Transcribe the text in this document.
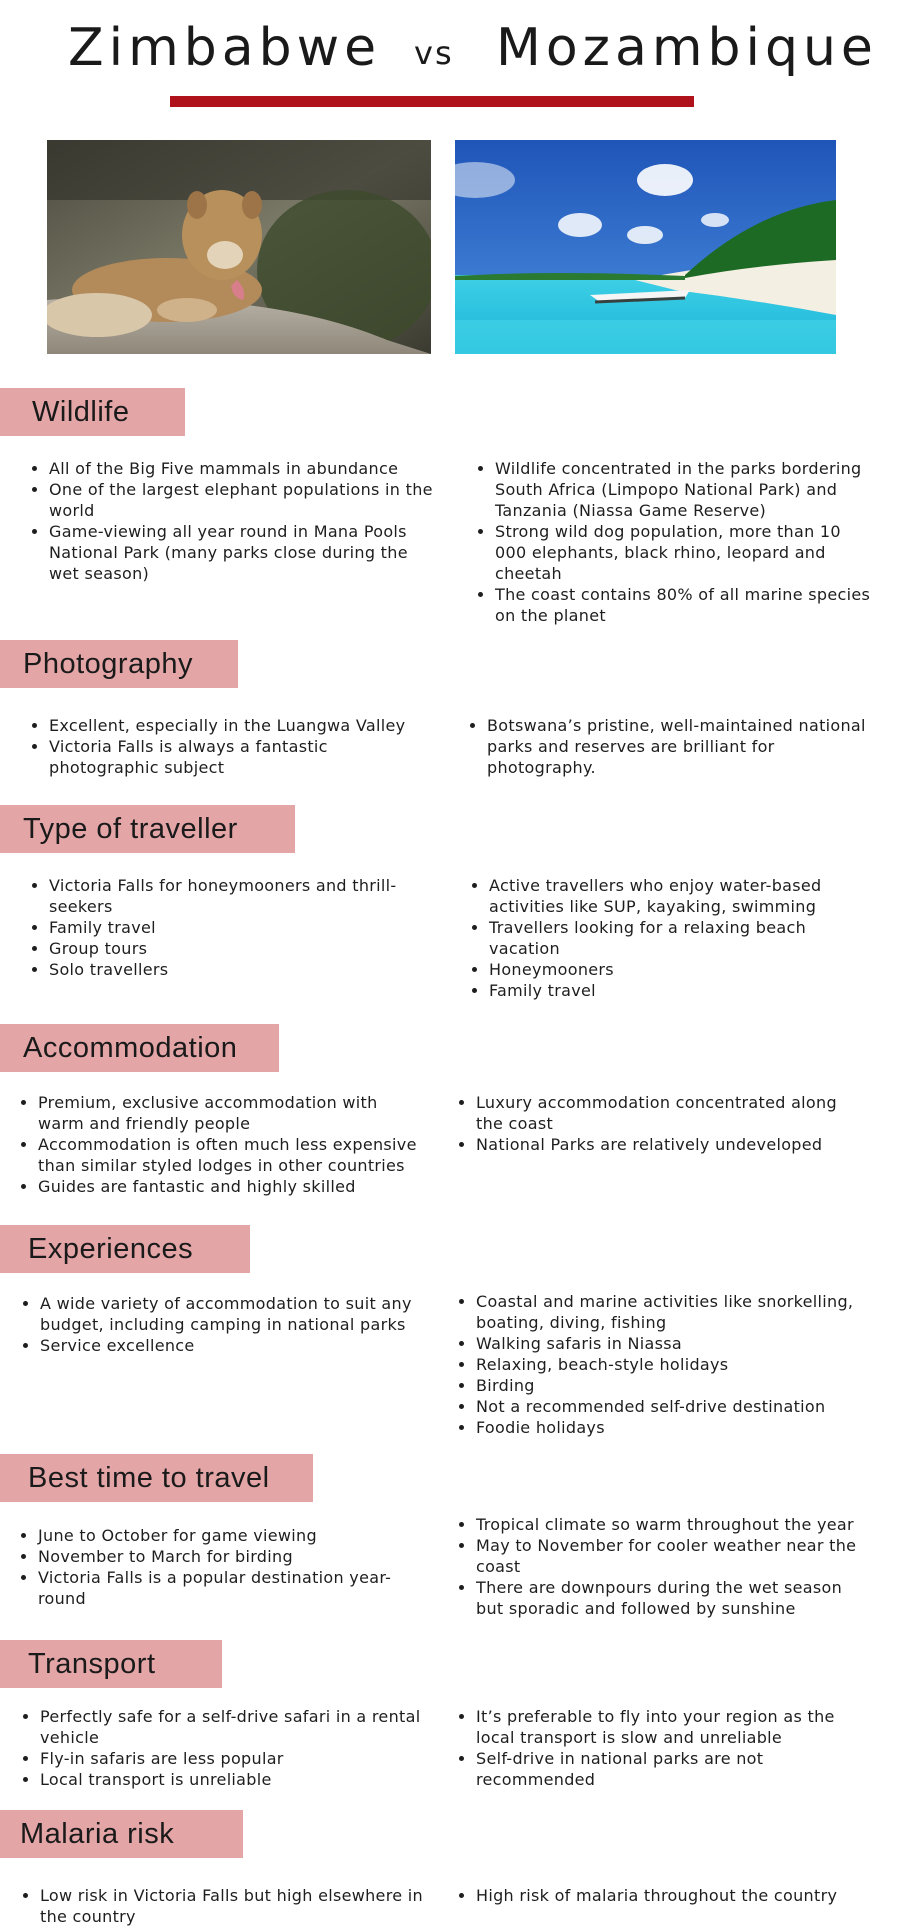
Zimbabwe vs Mozambique
Wildlife
• All of the Big Five mammals in abundance
• One of the largest elephant populations in the world
• Game-viewing all year round in Mana Pools National Park (many parks close during the wet season)
• Wildlife concentrated in the parks bordering South Africa (Limpopo National Park) and Tanzania (Niassa Game Reserve)
• Strong wild dog population, more than 10 000 elephants, black rhino, leopard and cheetah
• The coast contains 80% of all marine species on the planet
Photography
• Excellent, especially in the Luangwa Valley
• Victoria Falls is always a fantastic photographic subject
• Botswana’s pristine, well-maintained national parks and reserves are brilliant for photography.
Type of traveller
• Victoria Falls for honeymooners and thrill-seekers
• Family travel
• Group tours
• Solo travellers
• Active travellers who enjoy water-based activities like SUP, kayaking, swimming
• Travellers looking for a relaxing beach vacation
• Honeymooners
• Family travel
Accommodation
• Premium, exclusive accommodation with warm and friendly people
• Accommodation is often much less expensive than similar styled lodges in other countries
• Guides are fantastic and highly skilled
• Luxury accommodation concentrated along the coast
• National Parks are relatively undeveloped
Experiences
• A wide variety of accommodation to suit any budget, including camping in national parks
• Service excellence
• Coastal and marine activities like snorkelling, boating, diving, fishing
• Walking safaris in Niassa
• Relaxing, beach-style holidays
• Birding
• Not a recommended self-drive destination
• Foodie holidays
Best time to travel
• June to October for game viewing
• November to March for birding
• Victoria Falls is a popular destination year-round
• Tropical climate so warm throughout the year
• May to November for cooler weather near the coast
• There are downpours during the wet season but sporadic and followed by sunshine
Transport
• Perfectly safe for a self-drive safari in a rental vehicle
• Fly-in safaris are less popular
• Local transport is unreliable
• It’s preferable to fly into your region as the local transport is slow and unreliable
• Self-drive in national parks are not recommended
Malaria risk
• Low risk in Victoria Falls but high elsewhere in the country
• High risk of malaria throughout the country
